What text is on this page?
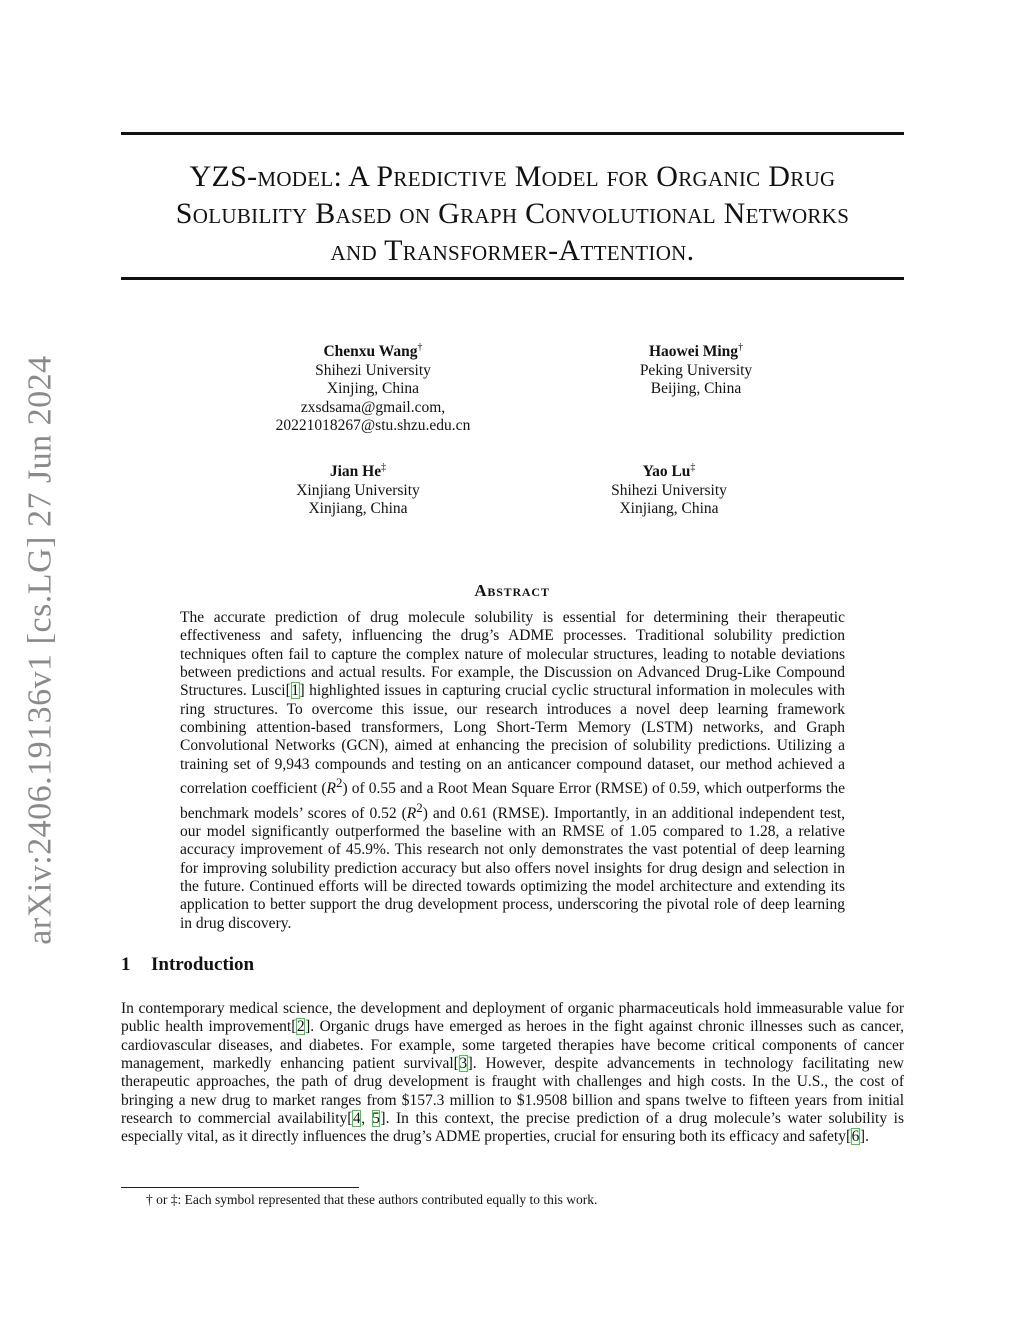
arXiv:2406.19136v1 [cs.LG] 27 Jun 2024
YZS-model: A Predictive Model for Organic Drug
Solubility Based on Graph Convolutional Networks
and Transformer-Attention.
Chenxu Wang†
Shihezi University
Xinjing, China
zxsdsama@gmail.com,
20221018267@stu.shzu.edu.cn
Haowei Ming†
Peking University
Beijing, China
Jian He‡
Xinjiang University
Xinjiang, China
Yao Lu‡
Shihezi University
Xinjiang, China
Abstract

The accurate prediction of drug molecule solubility is essential for determining their therapeutic effectiveness and safety, influencing the drug’s ADME processes. Traditional solubility prediction techniques often fail to capture the complex nature of molecular structures, leading to notable deviations between predictions and actual results. For example, the Discussion on Advanced Drug-Like Compound Structures. Lusci[1] highlighted issues in capturing crucial cyclic structural information in molecules with ring structures. To overcome this issue, our research introduces a novel deep learning framework combining attention-based transformers, Long Short-Term Memory (LSTM) networks, and Graph Convolutional Networks (GCN), aimed at enhancing the precision of solubility predictions. Utilizing a training set of 9,943 compounds and testing on an anticancer compound dataset, our method achieved a correlation coefficient $(R^2)$ of 0.55 and a Root Mean Square Error (RMSE) of 0.59, which outperforms the benchmark models’ scores of 0.52 $(R^2)$ and 0.61 (RMSE). Importantly, in an additional independent test, our model significantly outperformed the baseline with an RMSE of 1.05 compared to 1.28, a relative accuracy improvement of 45.9%. This research not only demonstrates the vast potential of deep learning for improving solubility prediction accuracy but also offers novel insights for drug design and selection in the future. Continued efforts will be directed towards optimizing the model architecture and extending its application to better support the drug development process, underscoring the pivotal role of deep learning in drug discovery.

1 Introduction

In contemporary medical science, the development and deployment of organic pharmaceuticals hold immeasurable value for public health improvement[2]. Organic drugs have emerged as heroes in the fight against chronic illnesses such as cancer, cardiovascular diseases, and diabetes. For example, some targeted therapies have become critical components of cancer management, markedly enhancing patient survival[3]. However, despite advancements in technology facilitating new therapeutic approaches, the path of drug development is fraught with challenges and high costs. In the U.S., the cost of bringing a new drug to market ranges from $157.3 million to $1.9508 billion and spans twelve to fifteen years from initial research to commercial availability[4, 5]. In this context, the precise prediction of a drug molecule’s water solubility is especially vital, as it directly influences the drug’s ADME properties, crucial for ensuring both its efficacy and safety[6].

† or ‡: Each symbol represented that these authors contributed equally to this work.
